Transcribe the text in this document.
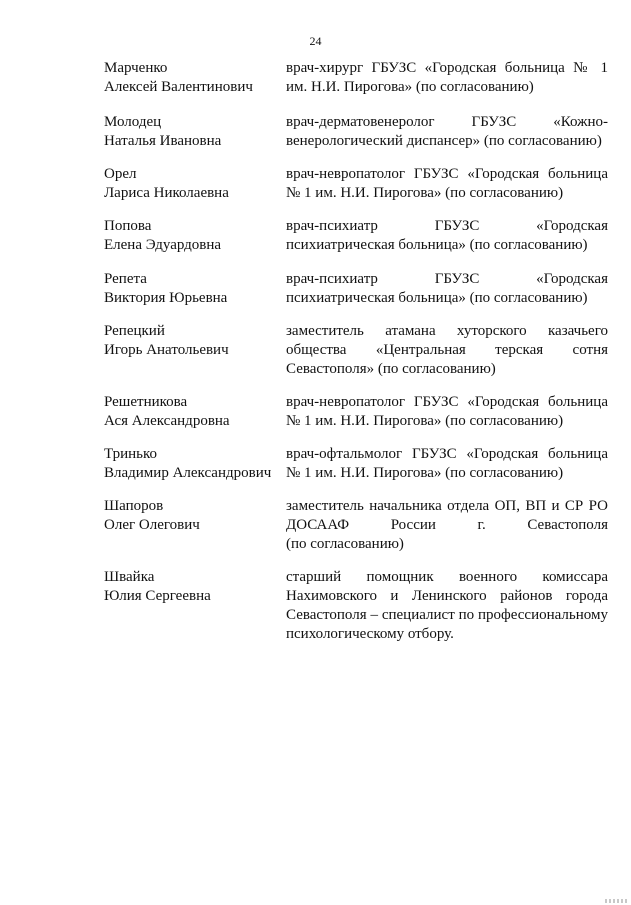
24
Марченко
Алексей Валентинович
врач-хирург ГБУЗС «Городская больница № 1
им. Н.И. Пирогова» (по согласованию)
Молодец
Наталья Ивановна
врач-дерматовенеролог ГБУЗС «Кожно-
венерологический диспансер» (по согласованию)
Орел
Лариса Николаевна
врач-невропатолог ГБУЗС «Городская больница
№ 1 им. Н.И. Пирогова» (по согласованию)
Попова
Елена Эдуардовна
врач-психиатр ГБУЗС «Городская
психиатрическая больница» (по согласованию)
Репета
Виктория Юрьевна
врач-психиатр ГБУЗС «Городская
психиатрическая больница» (по согласованию)
Репецкий
Игорь Анатольевич
заместитель атамана хуторского казачьего
общества «Центральная терская сотня
Севастополя» (по согласованию)
Решетникова
Ася Александровна
врач-невропатолог ГБУЗС «Городская больница
№ 1 им. Н.И. Пирогова» (по согласованию)
Тринько
Владимир Александрович
врач-офтальмолог ГБУЗС «Городская больница
№ 1 им. Н.И. Пирогова» (по согласованию)
Шапоров
Олег Олегович
заместитель начальника отдела ОП, ВП и СР РО
ДОСААФ России г. Севастополя
(по согласованию)
Швайка
Юлия Сергеевна
старший помощник военного комиссара
Нахимовского и Ленинского районов города
Севастополя – специалист по профессиональному
психологическому отбору.
